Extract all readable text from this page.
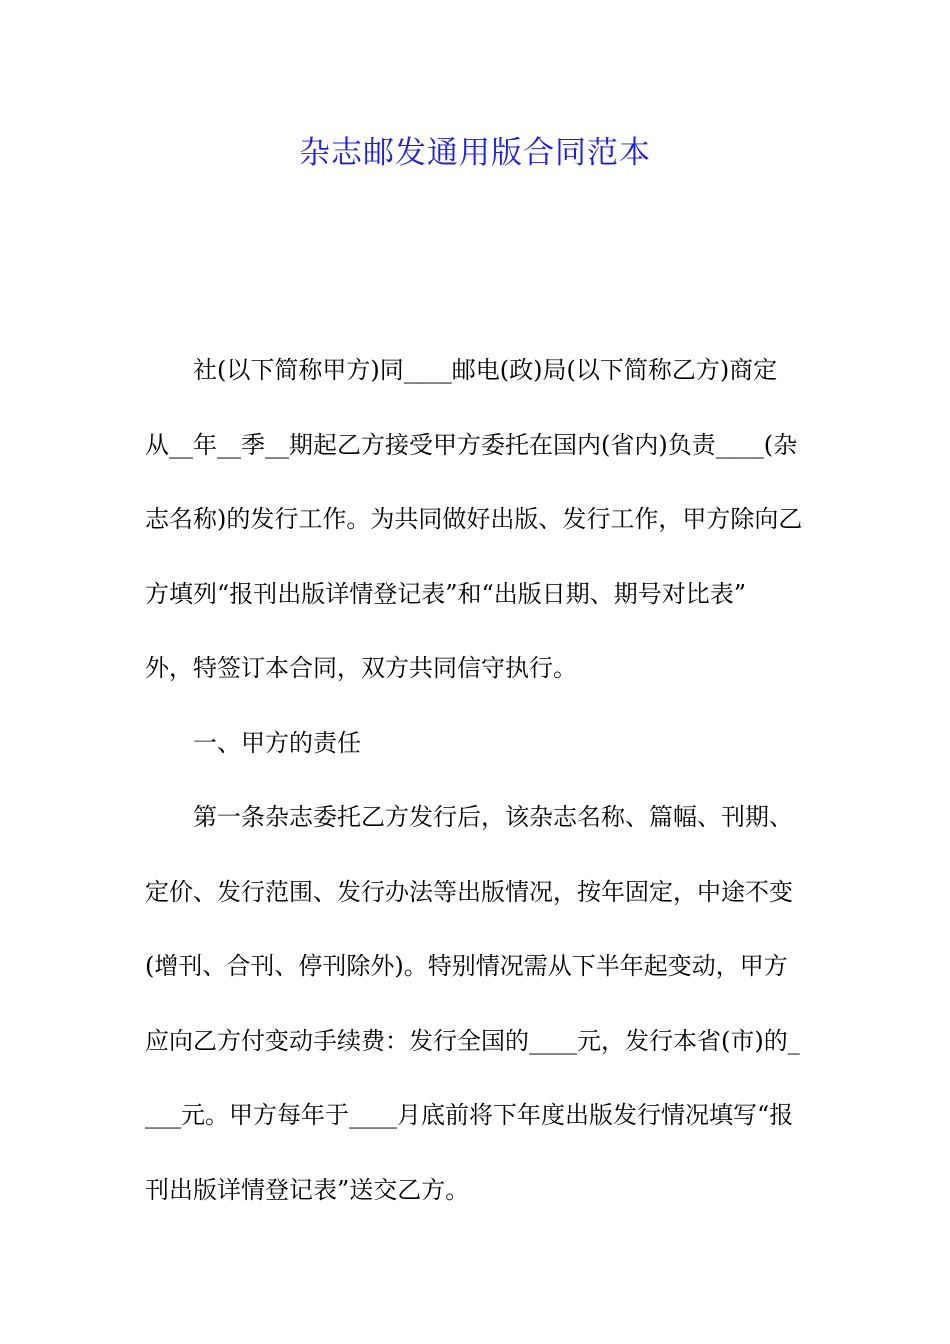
杂志邮发通用版合同范本
社(以下简称甲方)同____邮电(政)局(以下简称乙方)商定
从__年__季__期起乙方接受甲方委托在国内(省内)负责____(杂
志名称)的发行工作。为共同做好出版、发行工作，甲方除向乙
方填列“报刊出版详情登记表”和“出版日期、期号对比表”
外，特签订本合同，双方共同信守执行。
一、甲方的责任
第一条杂志委托乙方发行后，该杂志名称、篇幅、刊期、
定价、发行范围、发行办法等出版情况，按年固定，中途不变
(增刊、合刊、停刊除外)。特别情况需从下半年起变动，甲方
应向乙方付变动手续费：发行全国的____元，发行本省(市)的_
___元。甲方每年于____月底前将下年度出版发行情况填写“报
刊出版详情登记表”送交乙方。
